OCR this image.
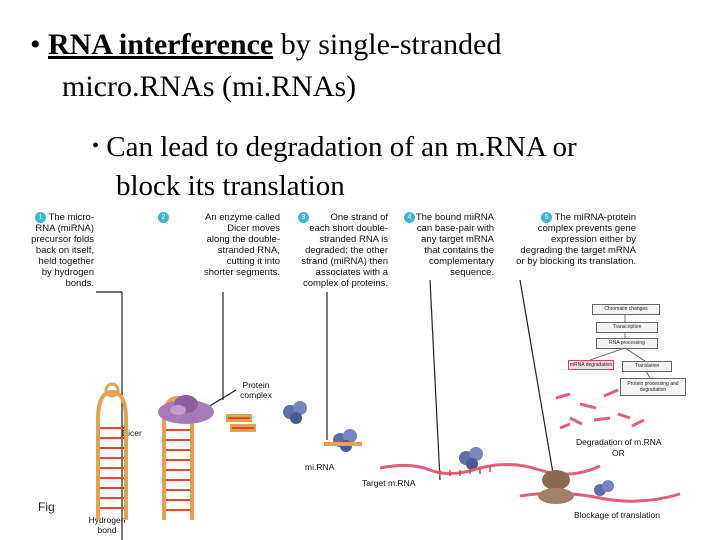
• RNA interference by single-stranded
micro.RNAs (mi.RNAs)
• Can lead to degradation of an m.RNA or
block its translation
1 The micro-RNA (miRNA) precursor folds back on itself, held together by hydrogen bonds.
2	An enzyme called Dicer moves along the double-stranded RNA, cutting it into shorter segments.
3	One strand of each short double-stranded RNA is degraded; the other strand (miRNA) then associates with a complex of proteins.
4 The bound miRNA can base-pair with any target mRNA that contains the complementary sequence.
5 The miRNA-protein complex prevents gene expression either by degrading the target mRNA or by blocking its translation.
Chromatin changes
Transcription
RNA processing
mRNA degradation	Translation
Protein processing and degradation
Protein complex
Dicer
mi.RNA
Target m.RNA
Degradation of m.RNA
OR
Blockage of translation
Hydrogen bond
Fig
